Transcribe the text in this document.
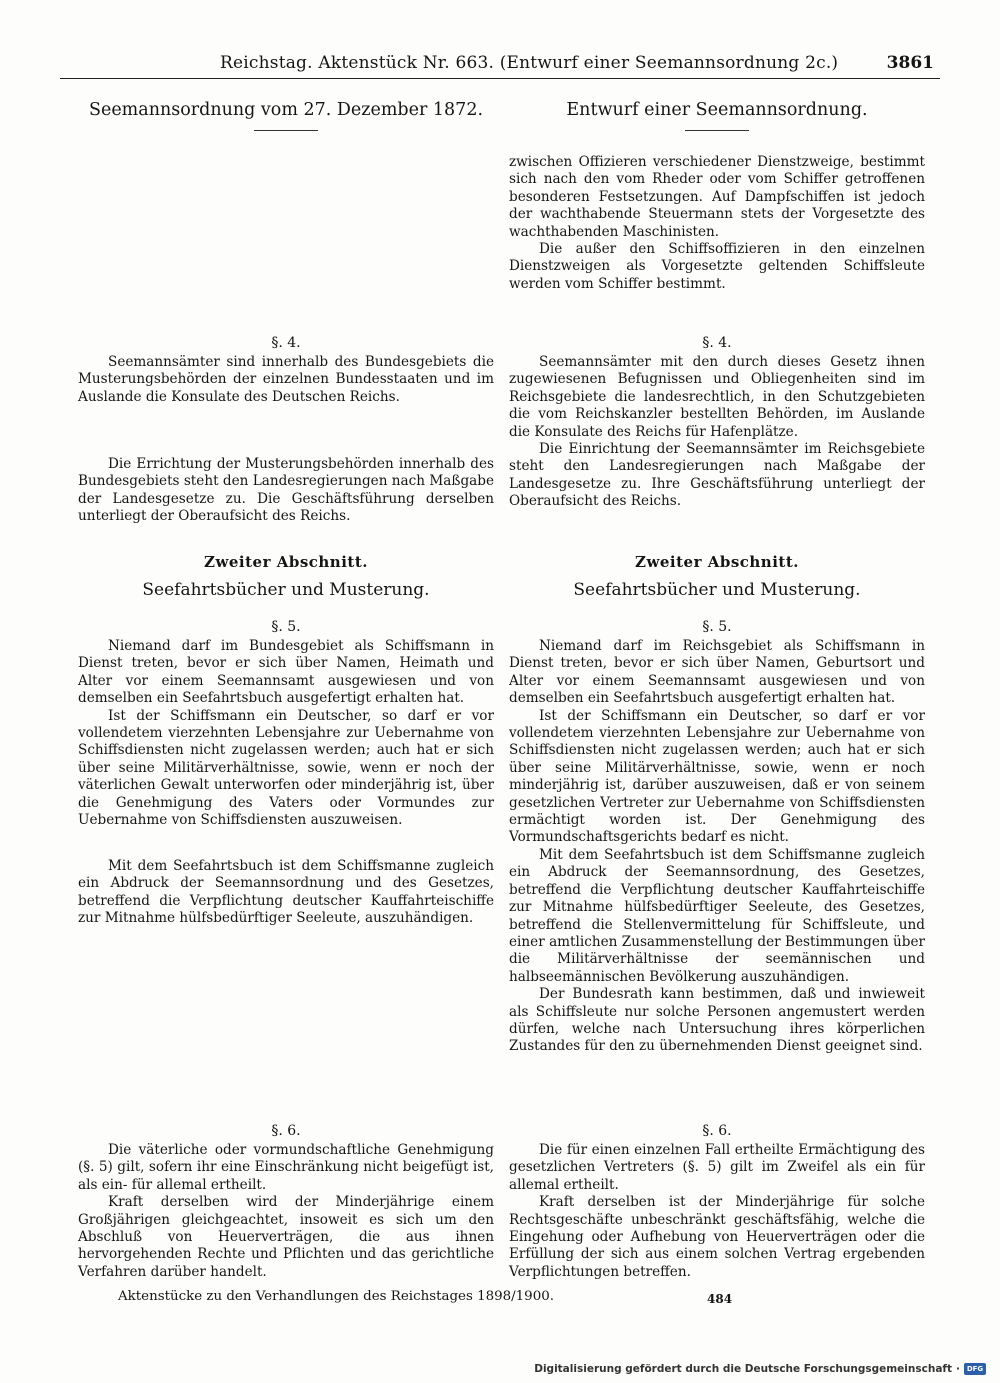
Reichstag. Aktenstück Nr. 663. (Entwurf einer Seemannsordnung 2c.)	3861
Seemannsordnung vom 27. Dezember 1872.
§. 4.

Seemannsämter sind innerhalb des Bundesgebiets die Musterungsbehörden der einzelnen Bundesstaaten und im Auslande die Konsulate des Deutschen Reichs.

Die Errichtung der Musterungsbehörden innerhalb des Bundesgebiets steht den Landesregierungen nach Maßgabe der Landesgesetze zu. Die Geschäftsführung derselben unterliegt der Oberaufsicht des Reichs.

Zweiter Abschnitt.
Seefahrtsbücher und Musterung.
§. 5.

Niemand darf im Bundesgebiet als Schiffsmann in Dienst treten, bevor er sich über Namen, Heimath und Alter vor einem Seemannsamt ausgewiesen und von demselben ein Seefahrtsbuch ausgefertigt erhalten hat.

Ist der Schiffsmann ein Deutscher, so darf er vor vollendetem vierzehnten Lebensjahre zur Uebernahme von Schiffsdiensten nicht zugelassen werden; auch hat er sich über seine Militärverhältnisse, sowie, wenn er noch der väterlichen Gewalt unterworfen oder minderjährig ist, über die Genehmigung des Vaters oder Vormundes zur Uebernahme von Schiffsdiensten auszuweisen.

Mit dem Seefahrtsbuch ist dem Schiffsmanne zugleich ein Abdruck der Seemannsordnung und des Gesetzes, betreffend die Verpflichtung deutscher Kauffahrteischiffe zur Mitnahme hülfsbedürftiger Seeleute, auszuhändigen.

§. 6.

Die väterliche oder vormundschaftliche Genehmigung (§. 5) gilt, sofern ihr eine Einschränkung nicht beigefügt ist, als ein- für allemal ertheilt.

Kraft derselben wird der Minderjährige einem Großjährigen gleichgeachtet, insoweit es sich um den Abschluß von Heuerverträgen, die aus ihnen hervorgehenden Rechte und Pflichten und das gerichtliche Verfahren darüber handelt.

Entwurf einer Seemannsordnung.

zwischen Offizieren verschiedener Dienstzweige, bestimmt sich nach den vom Rheder oder vom Schiffer getroffenen besonderen Festsetzungen. Auf Dampfschiffen ist jedoch der wachthabende Steuermann stets der Vorgesetzte des wachthabenden Maschinisten.

Die außer den Schiffsoffizieren in den einzelnen Dienstzweigen als Vorgesetzte geltenden Schiffsleute werden vom Schiffer bestimmt.

§. 4.

Seemannsämter mit den durch dieses Gesetz ihnen zugewiesenen Befugnissen und Obliegenheiten sind im Reichsgebiete die landesrechtlich, in den Schutzgebieten die vom Reichskanzler bestellten Behörden, im Auslande die Konsulate des Reichs für Hafenplätze.

Die Einrichtung der Seemannsämter im Reichsgebiete steht den Landesregierungen nach Maßgabe der Landesgesetze zu. Ihre Geschäftsführung unterliegt der Oberaufsicht des Reichs.

Zweiter Abschnitt.
Seefahrtsbücher und Musterung.
§. 5.

Niemand darf im Reichsgebiet als Schiffsmann in Dienst treten, bevor er sich über Namen, Geburtsort und Alter vor einem Seemannsamt ausgewiesen und von demselben ein Seefahrtsbuch ausgefertigt erhalten hat.

Ist der Schiffsmann ein Deutscher, so darf er vor vollendetem vierzehnten Lebensjahre zur Uebernahme von Schiffsdiensten nicht zugelassen werden; auch hat er sich über seine Militärverhältnisse, sowie, wenn er noch minderjährig ist, darüber auszuweisen, daß er von seinem gesetzlichen Vertreter zur Uebernahme von Schiffsdiensten ermächtigt worden ist. Der Genehmigung des Vormundschaftsgerichts bedarf es nicht.

Mit dem Seefahrtsbuch ist dem Schiffsmanne zugleich ein Abdruck der Seemannsordnung, des Gesetzes, betreffend die Verpflichtung deutscher Kauffahrteischiffe zur Mitnahme hülfsbedürftiger Seeleute, des Gesetzes, betreffend die Stellenvermittelung für Schiffsleute, und einer amtlichen Zusammenstellung der Bestimmungen über die Militärverhältnisse der seemännischen und halbseemännischen Bevölkerung auszuhändigen.

Der Bundesrath kann bestimmen, daß und inwieweit als Schiffsleute nur solche Personen angemustert werden dürfen, welche nach Untersuchung ihres körperlichen Zustandes für den zu übernehmenden Dienst geeignet sind.

§. 6.

Die für einen einzelnen Fall ertheilte Ermächtigung des gesetzlichen Vertreters (§. 5) gilt im Zweifel als ein für allemal ertheilt.

Kraft derselben ist der Minderjährige für solche Rechtsgeschäfte unbeschränkt geschäftsfähig, welche die Eingehung oder Aufhebung von Heuerverträgen oder die Erfüllung der sich aus einem solchen Vertrag ergebenden Verpflichtungen betreffen.

Aktenstücke zu den Verhandlungen des Reichstages 1898/1900.	484
Digitalisierung gefördert durch die Deutsche Forschungsgemeinschaft · DFG
